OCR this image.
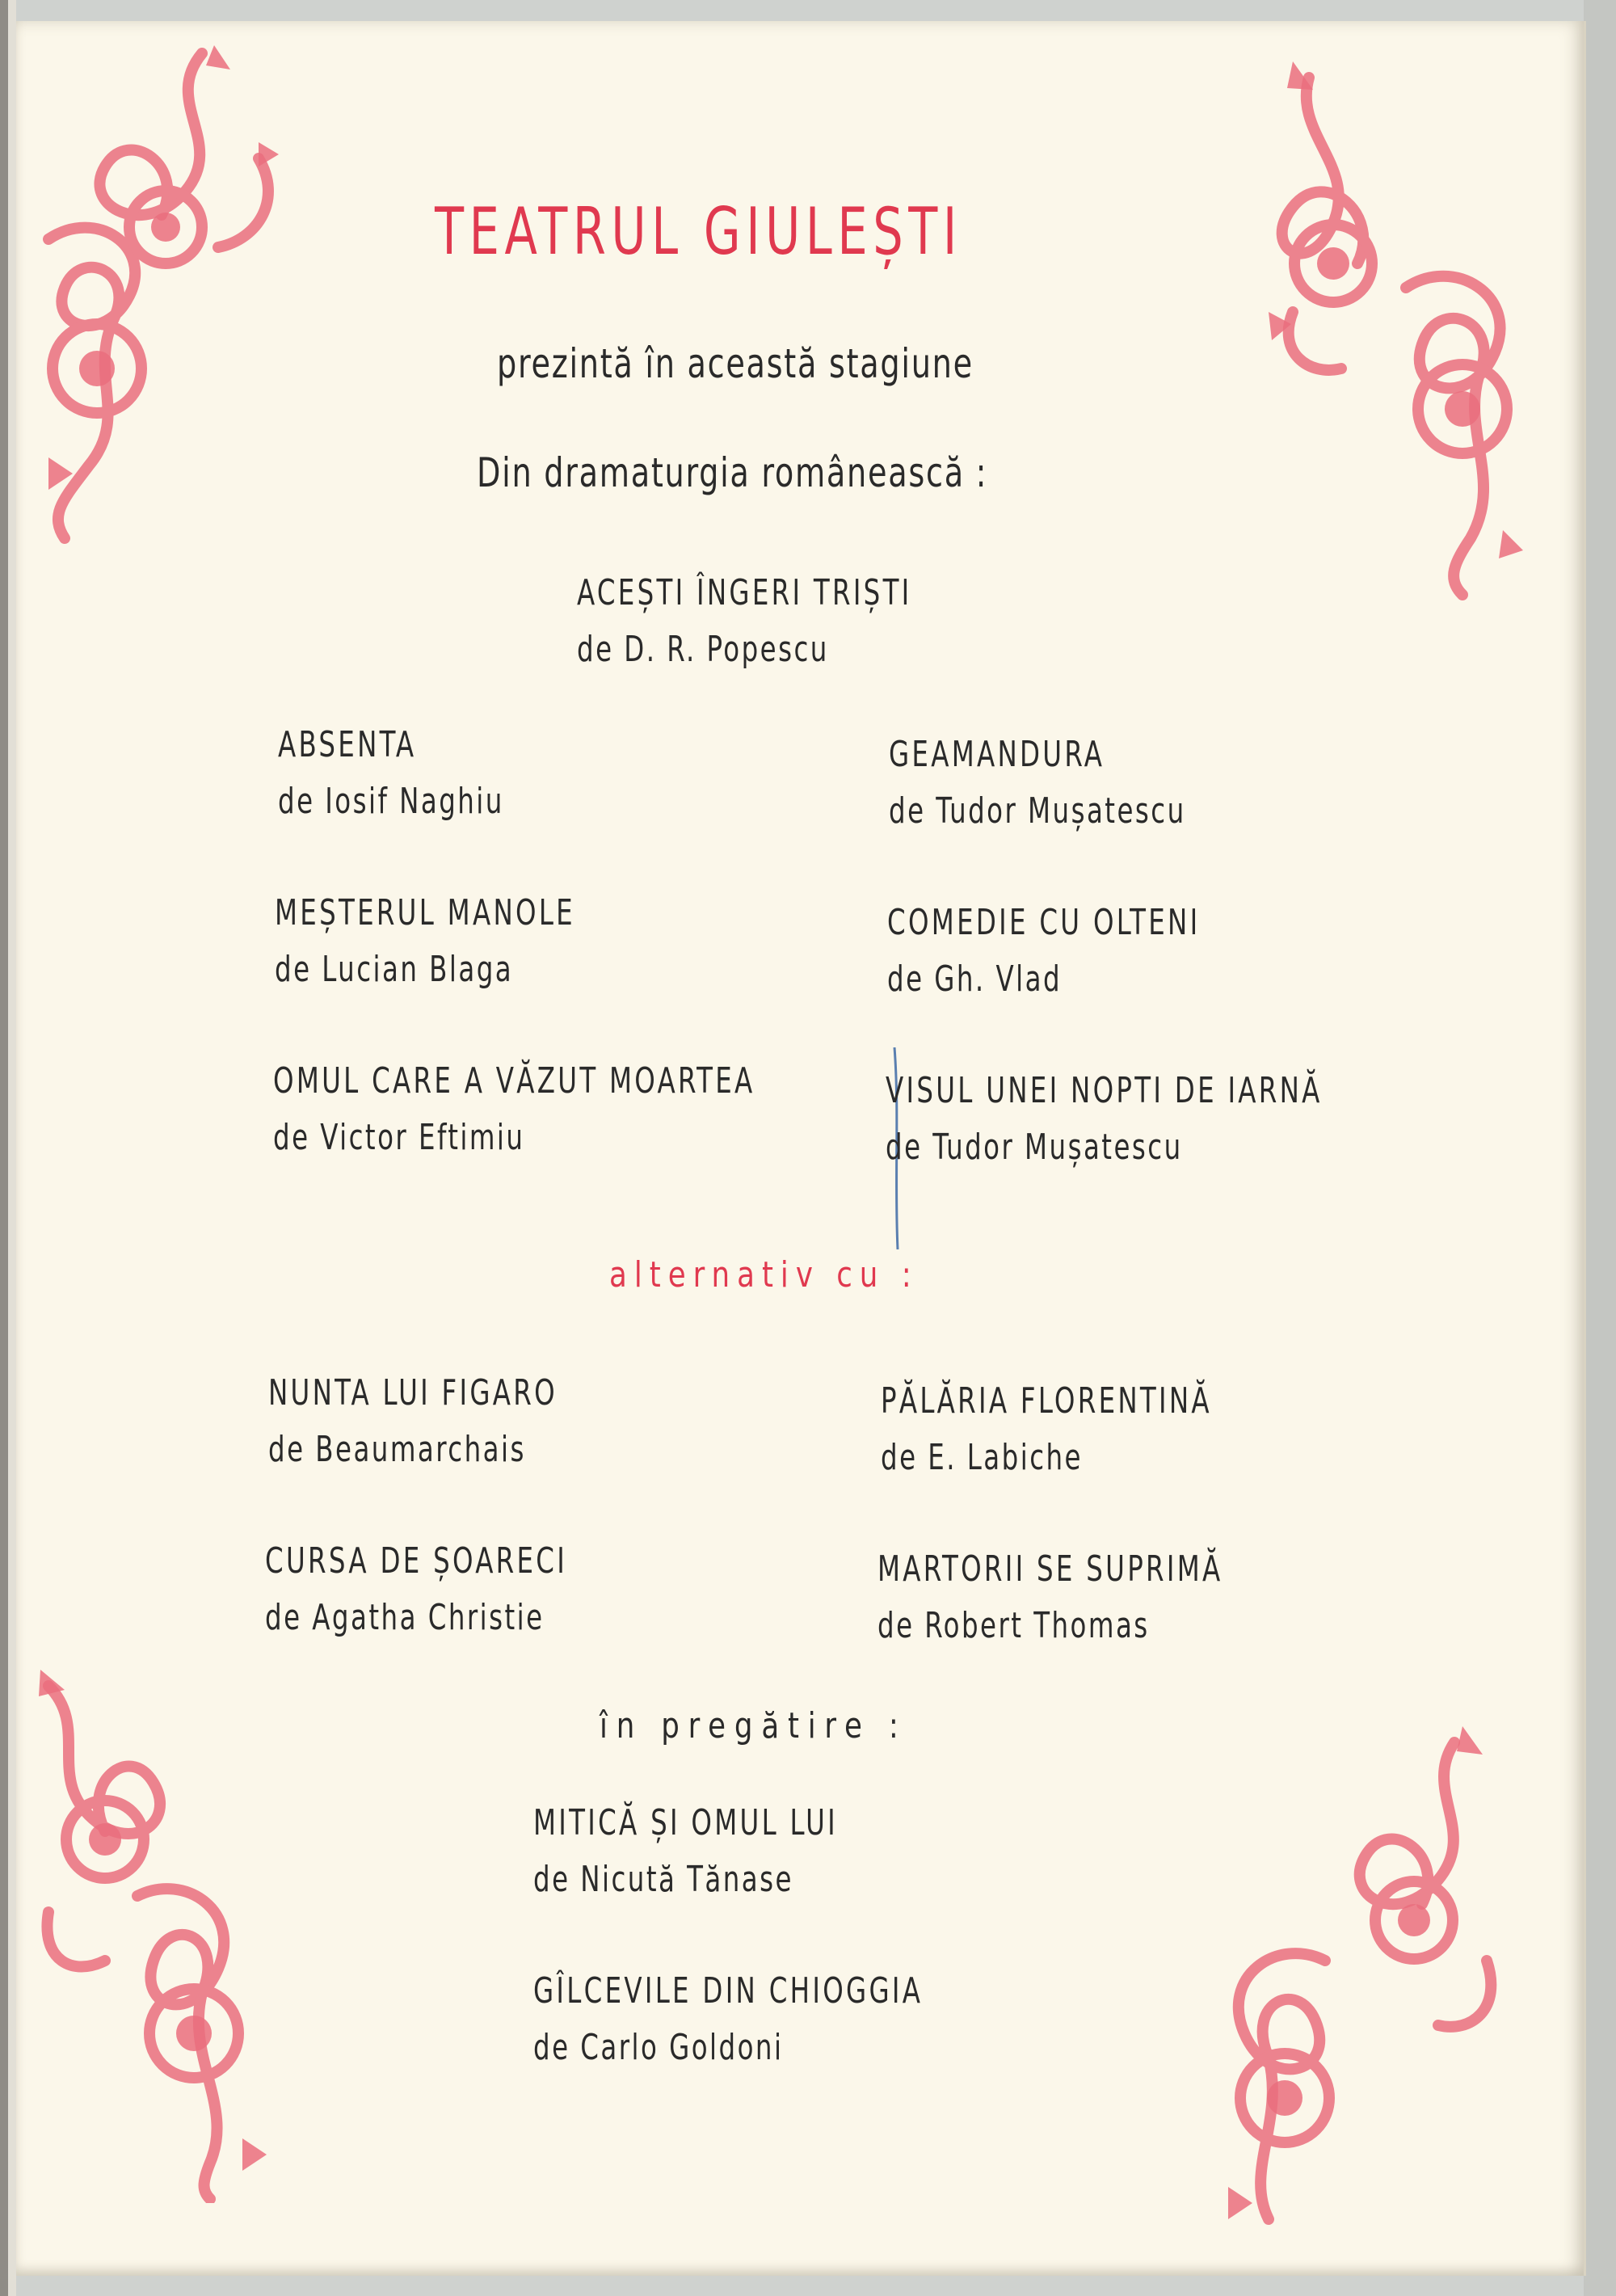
TEATRUL GIULEȘTI
prezintă în această stagiune
Din dramaturgia românească :
ACEȘTI ÎNGERI TRIȘTI
de D. R. Popescu
ABSENTA
de Iosif Naghiu
MEȘTERUL MANOLE
de Lucian Blaga
OMUL CARE A VĂZUT MOARTEA
de Victor Eftimiu
GEAMANDURA
de Tudor Mușatescu
COMEDIE CU OLTENI
de Gh. Vlad
VISUL UNEI NOPTI DE IARNĂ
de Tudor Mușatescu
alternativ cu :
NUNTA LUI FIGARO
de Beaumarchais
CURSA DE ȘOARECI
de Agatha Christie
PĂLĂRIA FLORENTINĂ
de E. Labiche
MARTORII SE SUPRIMĂ
de Robert Thomas
în pregătire :
MITICĂ ȘI OMUL LUI
de Nicută Tănase
GÎLCEVILE DIN CHIOGGIA
de Carlo Goldoni
